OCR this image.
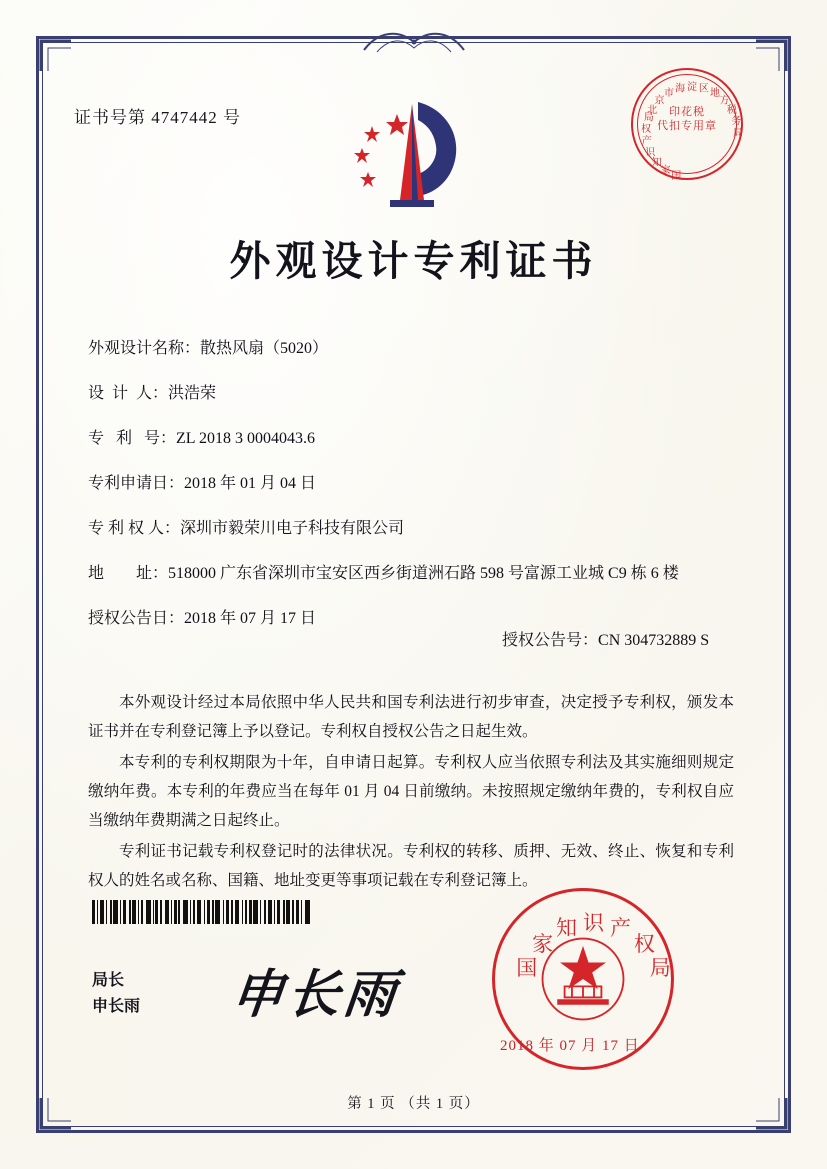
证书号第 4747442 号	北
京
市 海 淀 区 地
方
税
务
局
国
家
知
识
产
权
局	印花税
代扣专用章
外观设计专利证书
外观设计名称： 散热风扇（5020）
设  计  人： 洪浩荣
专   利   号： ZL 2018 3 0004043.6
专利申请日： 2018 年 01 月 04 日
专 利 权 人： 深圳市毅荣川电子科技有限公司
地        址： 518000 广东省深圳市宝安区西乡街道洲石路 598 号富源工业城 C9 栋 6 楼
授权公告日： 2018 年 07 月 17 日

授权公告号：CN 304732889 S

本外观设计经过本局依照中华人民共和国专利法进行初步审查，决定授予专利权，颁发本证书并在专利登记簿上予以登记。专利权自授权公告之日起生效。

本专利的专利权期限为十年，自申请日起算。专利权人应当依照专利法及其实施细则规定缴纳年费。本专利的年费应当在每年 01 月 04 日前缴纳。未按照规定缴纳年费的，专利权自应当缴纳年费期满之日起终止。

专利证书记载专利权登记时的法律状况。专利权的转移、质押、无效、终止、恢复和专利权人的姓名或名称、国籍、地址变更等事项记载在专利登记簿上。

局长
申长雨 申长雨	国
家
知 识 产
权
局
2018 年 07 月 17 日
第 1 页 （共 1 页）
